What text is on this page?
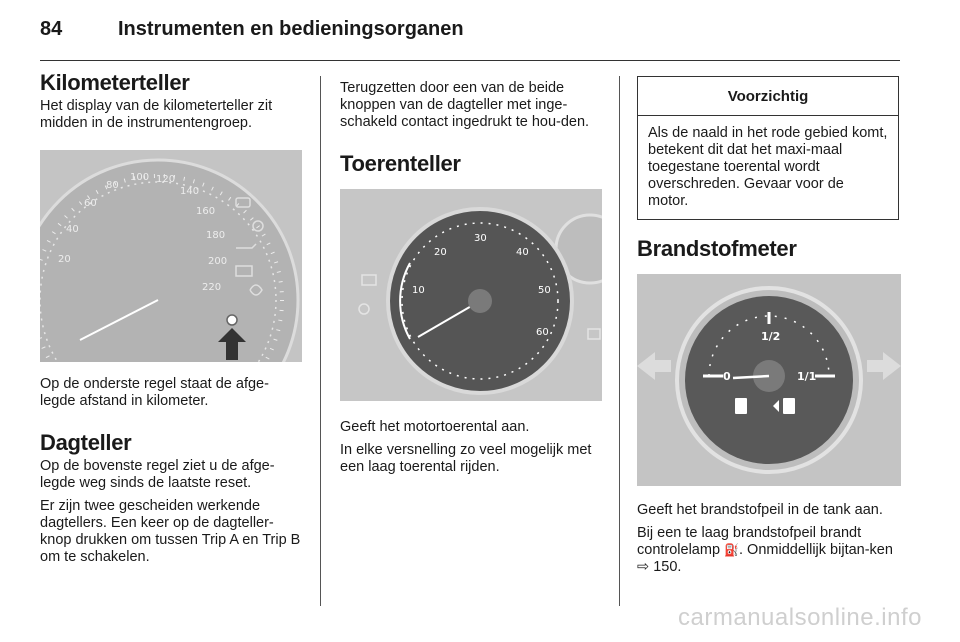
84	Instrumenten en bedieningsorganen
Kilometerteller

Het display van de kilometerteller zit midden in de instrumentengroep.

20
40
60
80
100 120
140
160
180
200
220

Op de onderste regel staat de afge-legde afstand in kilometer.

Dagteller

Op de bovenste regel ziet u de afge-legde weg sinds de laatste reset.

Er zijn twee gescheiden werkende dagtellers. Een keer op de dagteller-knop drukken om tussen Trip A en Trip B om te schakelen.

Terugzetten door een van de beide knoppen van de dagteller met inge-schakeld contact ingedrukt te hou-den.

Toerenteller
10
20
30
40
50
60

Geeft het motortoerental aan.

In elke versnelling zo veel mogelijk met een laag toerental rijden.

Voorzichtig
Als de naald in het rode gebied komt, betekent dit dat het maxi-maal toegestane toerental wordt overschreden. Gevaar voor de motor.
Brandstofmeter
0
1/2
1/1

Geeft het brandstofpeil in de tank aan.

Bij een te laag brandstofpeil brandt controlelamp ⛽. Onmiddellijk bijtan-ken ⇨ 150.

carmanualsonline.info
